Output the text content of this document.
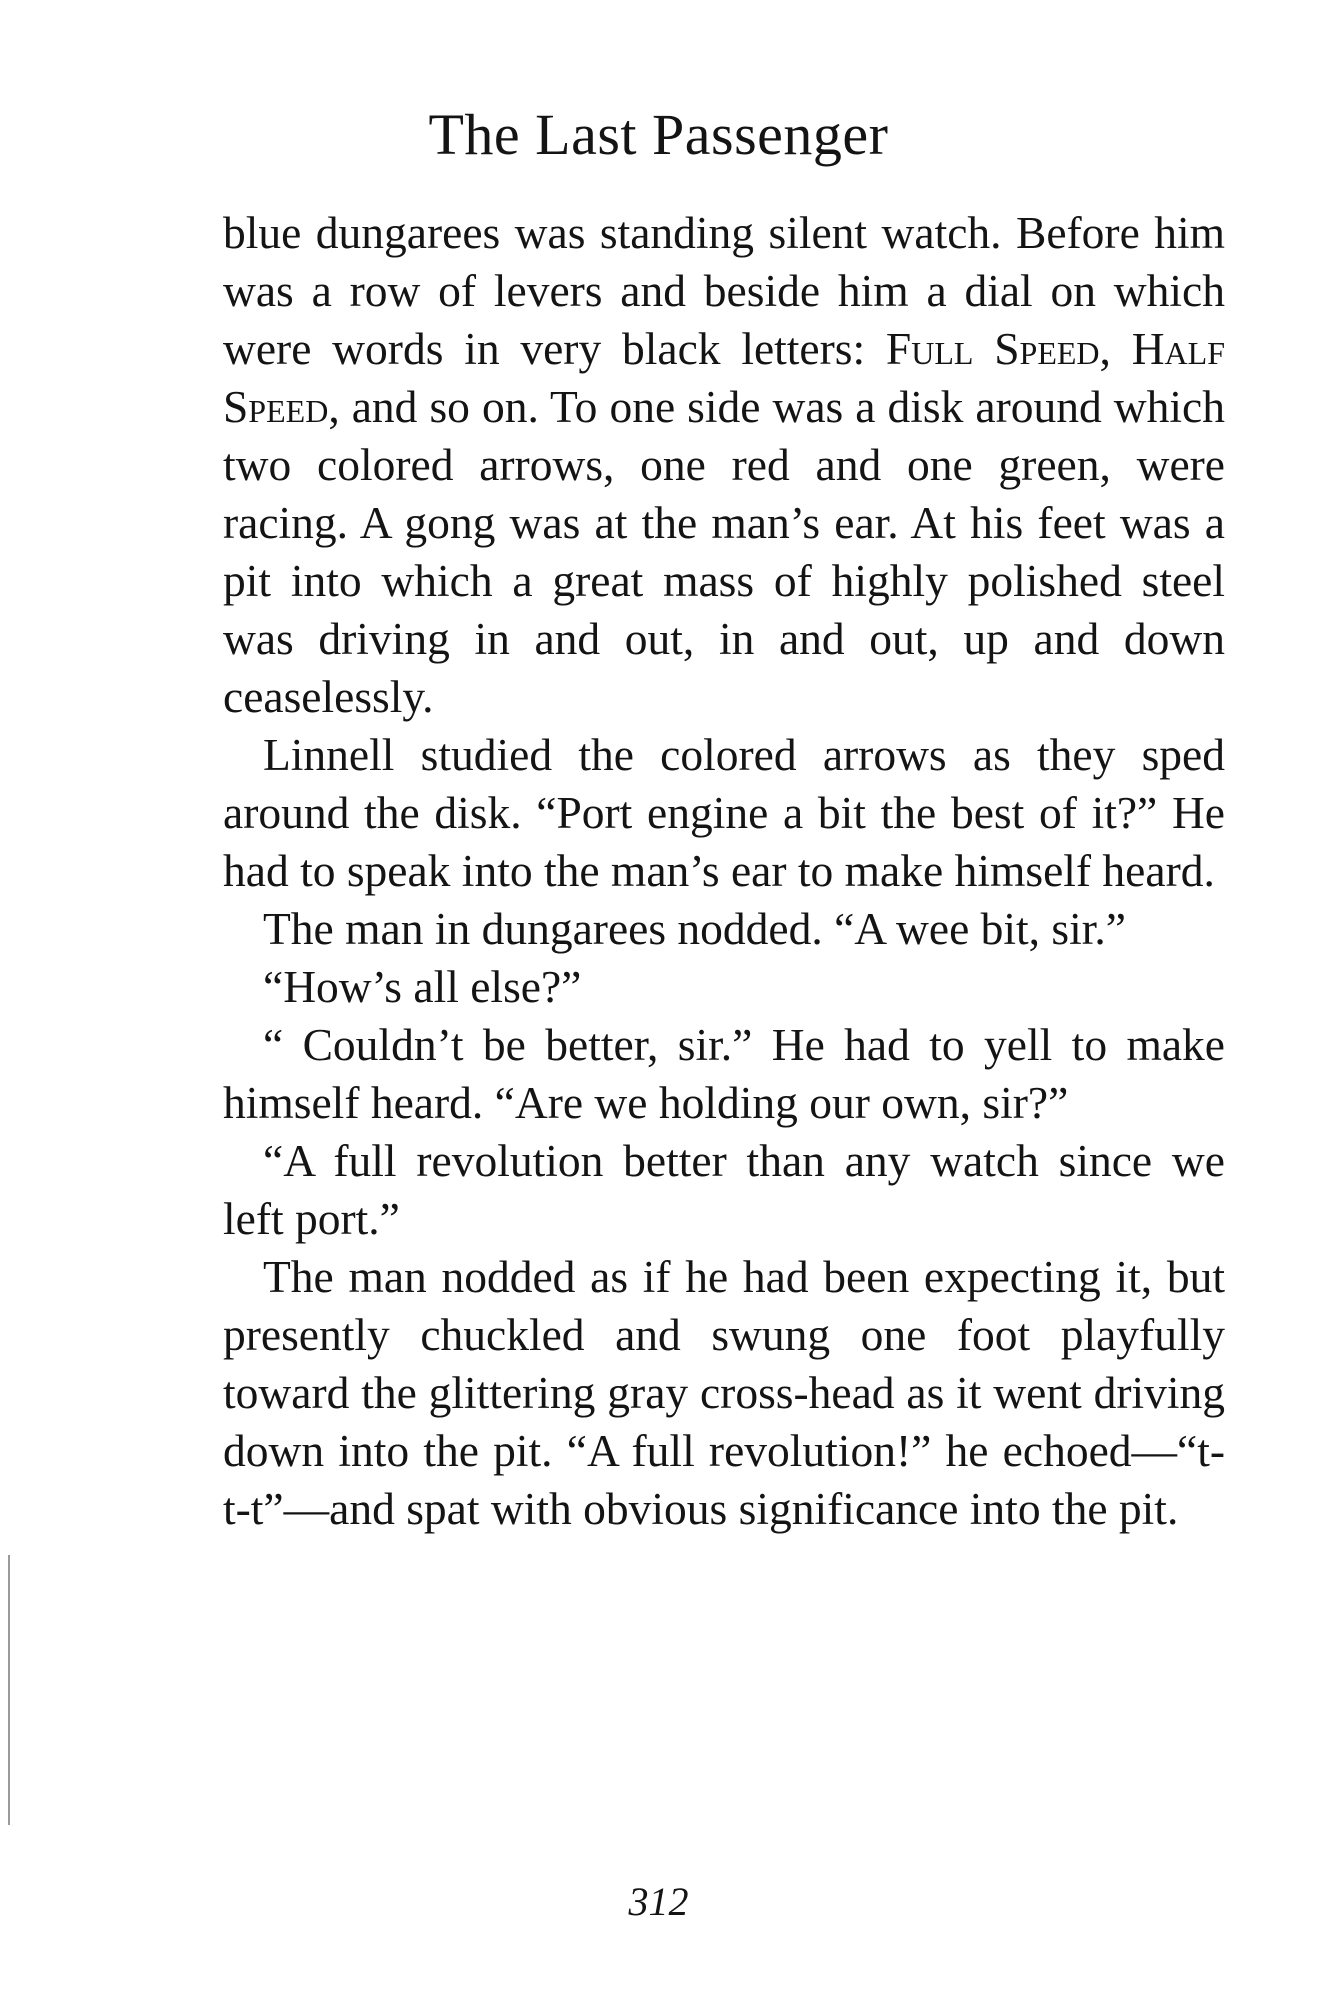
The Last Passenger

blue dungarees was standing silent watch. Before him was a row of levers and beside him a dial on which were words in very black letters: Full Speed, Half Speed, and so on. To one side was a disk around which two colored arrows, one red and one green, were racing. A gong was at the man’s ear. At his feet was a pit into which a great mass of highly polished steel was driving in and out, in and out, up and down ceaselessly.

Linnell studied the colored arrows as they sped around the disk. “Port engine a bit the best of it?” He had to speak into the man’s ear to make himself heard.

The man in dungarees nodded. “A wee bit, sir.”

“How’s all else?”

“ Couldn’t be better, sir.” He had to yell to make himself heard. “Are we holding our own, sir?”

“A full revolution better than any watch since we left port.”

The man nodded as if he had been expecting it, but presently chuckled and swung one foot playfully toward the glittering gray cross-head as it went driving down into the pit. “A full revolution!” he echoed—“t-t-t”—and spat with obvious significance into the pit.

312
